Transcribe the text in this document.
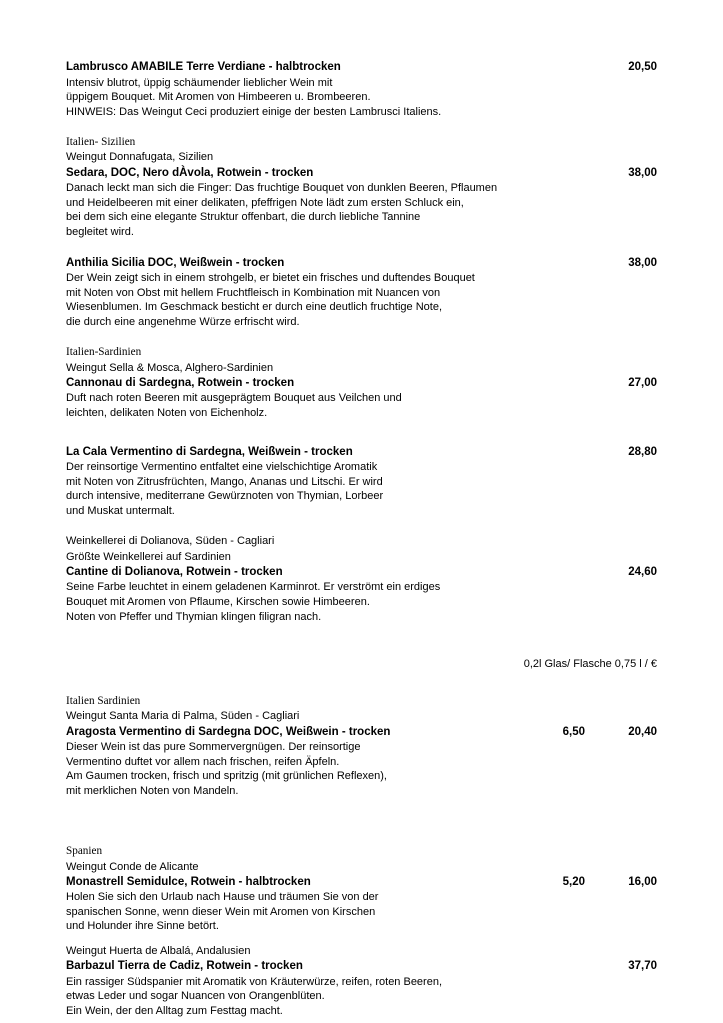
Lambrusco AMABILE Terre Verdiane - halbtrocken	20,50
Intensiv blutrot, üppig schäumender lieblicher Wein mit
üppigem Bouquet. Mit Aromen von Himbeeren u. Brombeeren.
HINWEIS: Das Weingut Ceci produziert einige der besten Lambrusci Italiens.
Italien- Sizilien
Weingut Donnafugata, Sizilien
Sedara, DOC, Nero dÀvola, Rotwein - trocken	38,00
Danach leckt man sich die Finger: Das fruchtige Bouquet von dunklen Beeren, Pflaumen
und Heidelbeeren mit einer delikaten, pfeffrigen Note lädt zum ersten Schluck ein,
bei dem sich eine elegante Struktur offenbart, die durch liebliche Tannine
begleitet wird.
Anthilia Sicilia DOC, Weißwein - trocken	38,00
Der Wein zeigt sich in einem strohgelb, er bietet ein frisches und duftendes Bouquet
mit Noten von Obst mit hellem Fruchtfleisch in Kombination mit Nuancen von
Wiesenblumen. Im Geschmack besticht er durch eine deutlich fruchtige Note,
die durch eine angenehme Würze erfrischt wird.
Italien-Sardinien
Weingut Sella & Mosca, Alghero-Sardinien
Cannonau di Sardegna, Rotwein - trocken	27,00
Duft nach roten Beeren mit ausgeprägtem Bouquet aus Veilchen und
leichten, delikaten Noten von Eichenholz.
La Cala Vermentino di Sardegna, Weißwein - trocken	28,80
Der reinsortige Vermentino entfaltet eine vielschichtige Aromatik
mit Noten von Zitrusfrüchten, Mango, Ananas und Litschi. Er wird
durch intensive, mediterrane Gewürznoten von Thymian, Lorbeer
und Muskat untermalt.
Weinkellerei di Dolianova, Süden - Cagliari
Größte Weinkellerei auf Sardinien
Cantine di Dolianova, Rotwein - trocken	24,60
Seine Farbe leuchtet in einem geladenen Karminrot. Er verströmt ein erdiges
Bouquet mit Aromen von Pflaume, Kirschen sowie Himbeeren.
Noten von Pfeffer und Thymian klingen filigran nach.
0,2l Glas/ Flasche 0,75 l / €
Italien Sardinien
Weingut Santa Maria di Palma, Süden - Cagliari
Aragosta Vermentino di Sardegna DOC, Weißwein - trocken	6,50	20,40
Dieser Wein ist das pure Sommervergnügen. Der reinsortige
Vermentino duftet vor allem nach frischen, reifen Äpfeln.
Am Gaumen trocken, frisch und spritzig (mit grünlichen Reflexen),
mit merklichen Noten von Mandeln.
Spanien
Weingut Conde de Alicante
Monastrell Semidulce, Rotwein - halbtrocken	5,20	16,00
Holen Sie sich den Urlaub nach Hause und träumen Sie von der
spanischen Sonne, wenn dieser Wein mit Aromen von Kirschen
und Holunder ihre Sinne betört.
Weingut Huerta de Albalá, Andalusien
Barbazul Tierra de Cadiz, Rotwein - trocken	37,70
Ein rassiger Südspanier mit Aromatik von Kräuterwürze, reifen, roten Beeren,
etwas Leder und sogar Nuancen von Orangenblüten.
Ein Wein, der den Alltag zum Festtag macht.
